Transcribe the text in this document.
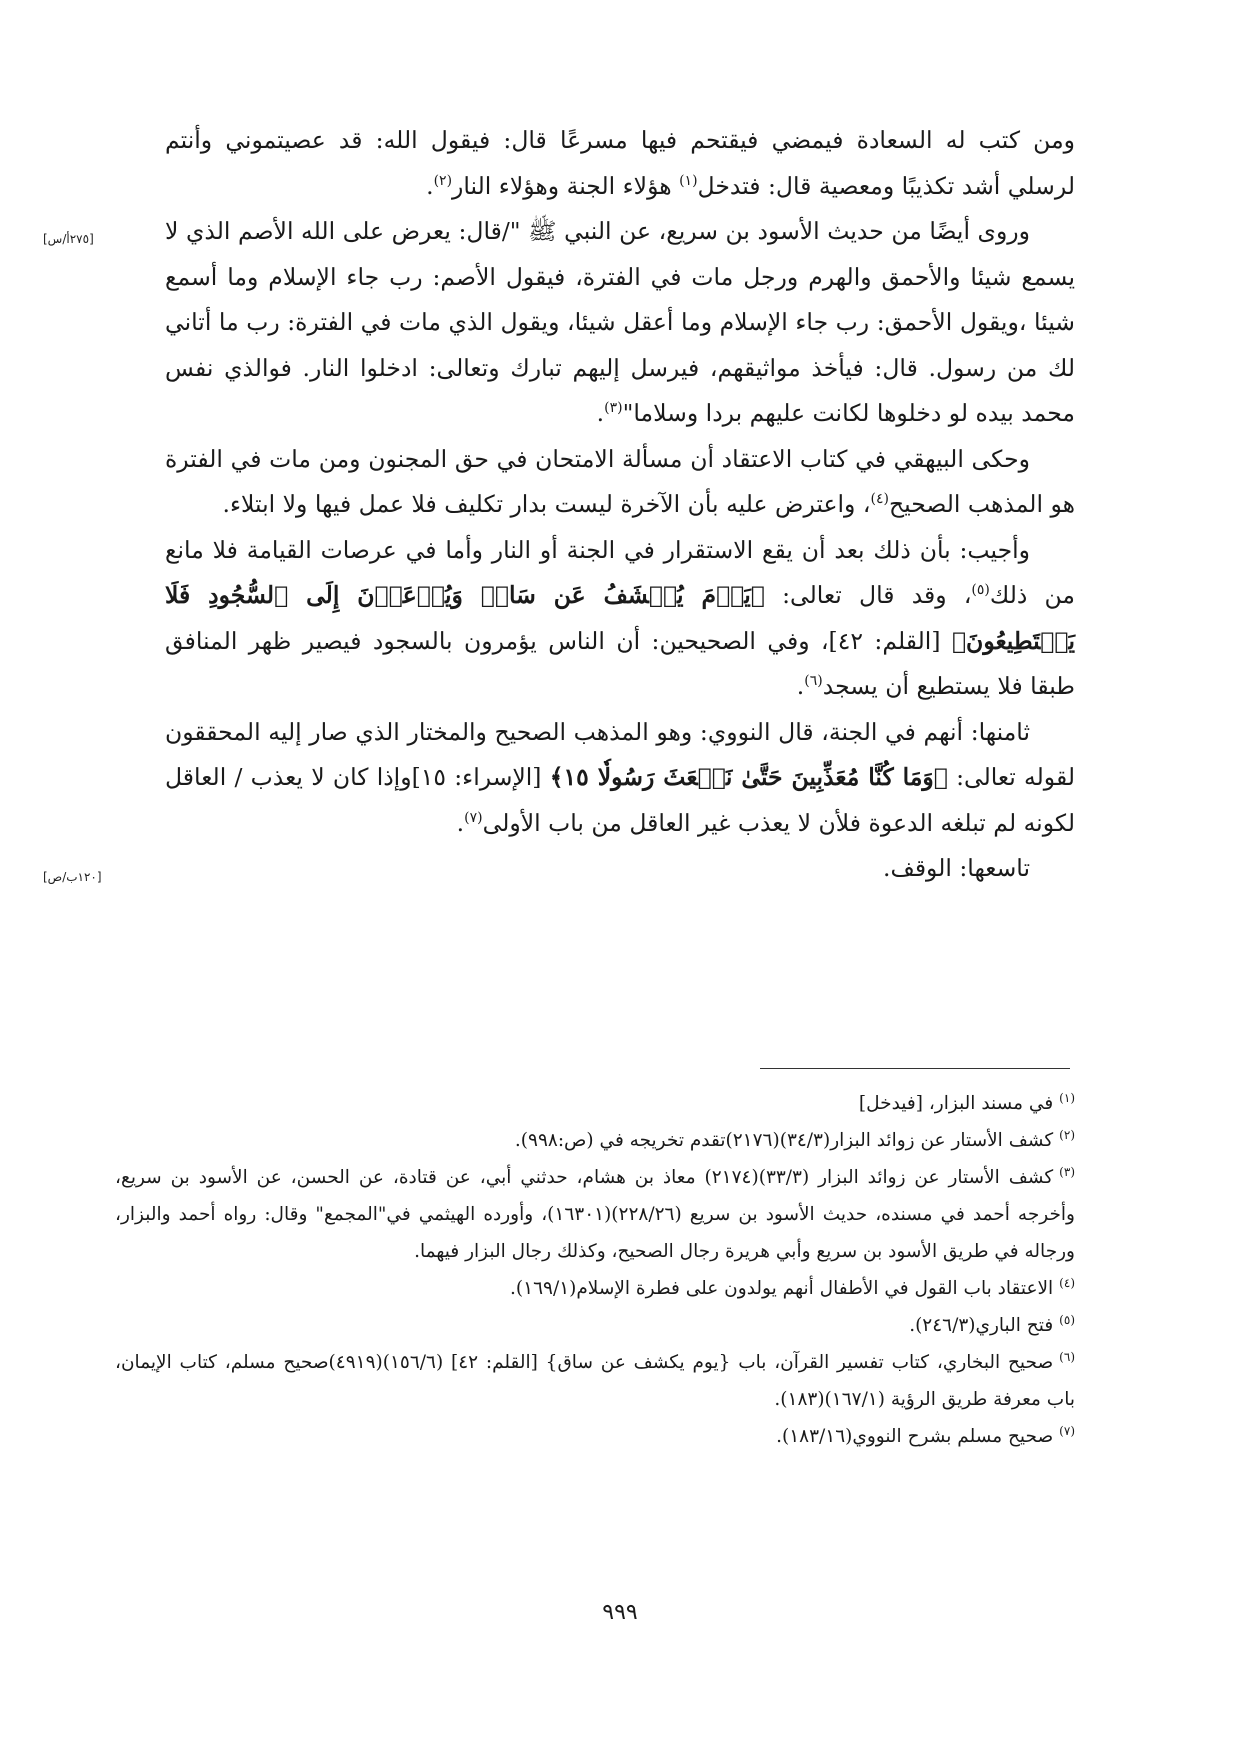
ومن كتب له السعادة فيمضي فيقتحم فيها مسرعًا قال: فيقول الله: قد عصيتموني وأنتم لرسلي أشد تكذيبًا ومعصية قال: فتدخل$^{(١)}$ هؤلاء الجنة وهؤلاء النار$^{(٢)}$.

وروى أيضًا من حديث الأسود بن سريع، عن النبي ﷺ "/قال: يعرض على الله الأصم الذي لا يسمع شيئا والأحمق والهرم ورجل مات في الفترة، فيقول الأصم: رب جاء الإسلام وما أسمع شيئا ،ويقول الأحمق: رب جاء الإسلام وما أعقل شيئا، ويقول الذي مات في الفترة: رب ما أتاني لك من رسول. قال: فيأخذ مواثيقهم، فيرسل إليهم تبارك وتعالى: ادخلوا النار. فوالذي نفس محمد بيده لو دخلوها لكانت عليهم بردا وسلاما"$^{(٣)}$.

وحكى البيهقي في كتاب الاعتقاد أن مسألة الامتحان في حق المجنون ومن مات في الفترة هو المذهب الصحيح$^{(٤)}$، واعترض عليه بأن الآخرة ليست بدار تكليف فلا عمل فيها ولا ابتلاء.

وأجيب: بأن ذلك بعد أن يقع الاستقرار في الجنة أو النار وأما في عرصات القيامة فلا مانع من ذلك$^{(٥)}$، وقد قال تعالى: ﴿يَوۡمَ يُكۡشَفُ عَن سَاقٖ وَيُدۡعَوۡنَ إِلَى ٱلسُّجُودِ فَلَا يَسۡتَطِيعُونَ﴾ [القلم: ٤٢]، وفي الصحيحين: أن الناس يؤمرون بالسجود فيصير ظهر المنافق طبقا فلا يستطيع أن يسجد$^{(٦)}$.

ثامنها: أنهم في الجنة، قال النووي: وهو المذهب الصحيح والمختار الذي صار إليه المحققون لقوله تعالى: ﴿وَمَا كُنَّا مُعَذِّبِينَ حَتَّىٰ نَبۡعَثَ رَسُولٗا ١٥﴾ [الإسراء: ١٥]وإذا كان لا يعذب / العاقل لكونه لم تبلغه الدعوة فلأن لا يعذب غير العاقل من باب الأولى$^{(٧)}$.

تاسعها: الوقف.

[٢٧٥أ/س]
[١٢٠ب/ص]

$^{(١)}$في مسند البزار، [فيدخل]

$^{(٢)}$كشف الأستار عن زوائد البزار(٣٤/٣)(٢١٧٦)تقدم تخريجه في (ص:٩٩٨).

$^{(٣)}$كشف الأستار عن زوائد البزار (٣٣/٣)(٢١٧٤) معاذ بن هشام، حدثني أبي، عن قتادة، عن الحسن، عن الأسود بن سريع، وأخرجه أحمد في مسنده، حديث الأسود بن سريع (٢٢٨/٢٦)(١٦٣٠١)، وأورده الهيثمي في"المجمع" وقال: رواه أحمد والبزار، ورجاله في طريق الأسود بن سريع وأبي هريرة رجال الصحيح، وكذلك رجال البزار فيهما.

$^{(٤)}$الاعتقاد باب القول في الأطفال أنهم يولدون على فطرة الإسلام(١٦٩/١).

$^{(٥)}$فتح الباري(٢٤٦/٣).

$^{(٦)}$صحيح البخاري، كتاب تفسير القرآن، باب {يوم يكشف عن ساق} [القلم: ٤٢] (١٥٦/٦)(٤٩١٩)صحيح مسلم، كتاب الإيمان، باب معرفة طريق الرؤية (١٦٧/١)(١٨٣).

$^{(٧)}$صحيح مسلم بشرح النووي(١٨٣/١٦).

٩٩٩
